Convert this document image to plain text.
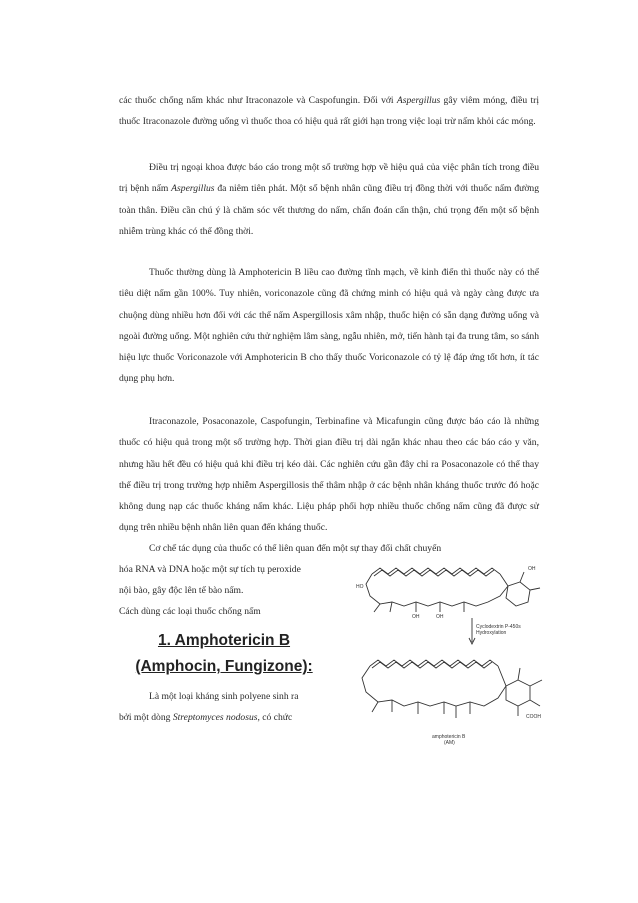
các thuốc chống nấm khác như Itraconazole và Caspofungin. Đối với Aspergillus gây viêm móng, điều trị thuốc Itraconazole đường uống vì thuốc thoa có hiệu quả rất giới hạn trong việc loại trừ nấm khỏi các móng.

Điều trị ngoại khoa được báo cáo trong một số trường hợp về hiệu quả của việc phân tích trong điều trị bệnh nấm Aspergillus đa niêm tiên phát. Một số bệnh nhân cũng điều trị đồng thời với thuốc nấm đường toàn thân. Điều cần chú ý là chăm sóc vết thương do nấm, chẩn đoán cẩn thận, chú trọng đến một số bệnh nhiễm trùng khác có thể đồng thời.

Thuốc thường dùng là Amphotericin B liều cao đường tĩnh mạch, về kinh điển thì thuốc này có thể tiêu diệt nấm gần 100%. Tuy nhiên, voriconazole cũng đã chứng minh có hiệu quả và ngày càng được ưa chuộng dùng nhiều hơn đối với các thể nấm Aspergillosis xâm nhập, thuốc hiện có sẵn dạng đường uống và ngoài đường uống. Một nghiên cứu thử nghiệm lâm sàng, ngẫu nhiên, mở, tiến hành tại đa trung tâm, so sánh hiệu lực thuốc Voriconazole với Amphotericin B cho thấy thuốc Voriconazole có tỷ lệ đáp ứng tốt hơn, ít tác dụng phụ hơn.

Itraconazole, Posaconazole, Caspofungin, Terbinafine và Micafungin cũng được báo cáo là những thuốc có hiệu quả trong một số trường hợp. Thời gian điều trị dài ngắn khác nhau theo các báo cáo y văn, nhưng hầu hết đều có hiệu quả khi điều trị kéo dài. Các nghiên cứu gần đây chỉ ra Posaconazole có thể thay thế điều trị trong trường hợp nhiễm Aspergillosis thể thâm nhập ở các bệnh nhân kháng thuốc trước đó hoặc không dung nạp các thuốc kháng nấm khác. Liệu pháp phối hợp nhiều thuốc chống nấm cũng đã được sử dụng trên nhiều bệnh nhân liên quan đến kháng thuốc.

Cơ chế tác dụng của thuốc có thể liên quan đến một sự thay đổi chất chuyển

hóa RNA và DNA hoặc một sự tích tụ peroxide
nội bào, gây độc lên tế bào nấm.
Cách dùng các loại thuốc chống nấm
1. Amphotericin B
(Amphocin, Fungizone):
Là một loại kháng sinh polyene sinh ra
bởi một dòng Streptomyces nodosus, có chức
OH
HO
OH	OH
Cyclodextrin P-450s
Hydroxylation
COOH
amphotericin B
(AM)
